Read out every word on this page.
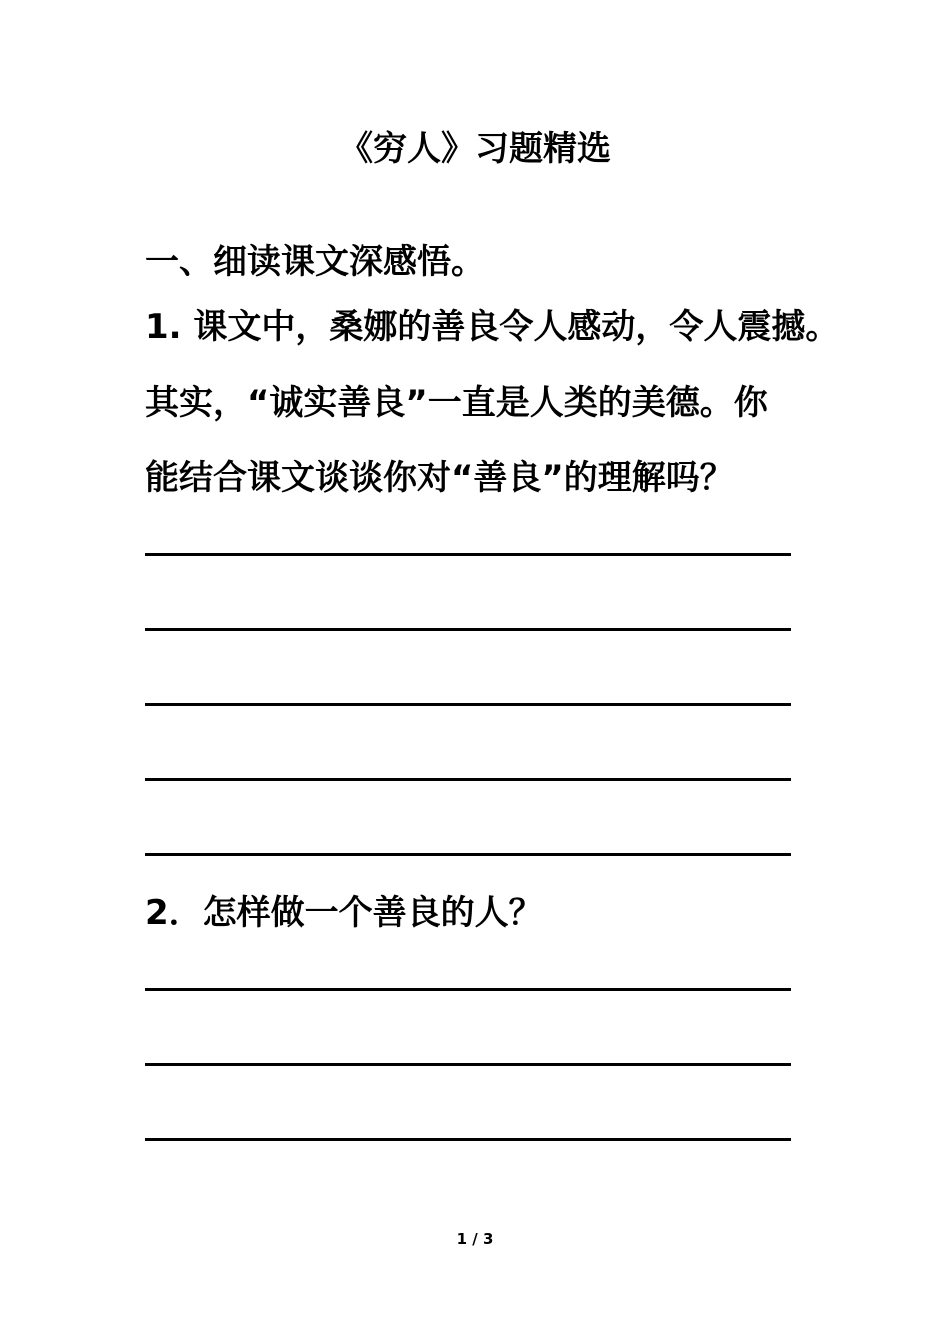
《穷人》习题精选
一、细读课文深感悟。
1. 课文中，桑娜的善良令人感动，令人震撼。
其实，“诚实善良”一直是人类的美德。你
能结合课文谈谈你对“善良”的理解吗？
2．怎样做一个善良的人？
1 / 3
